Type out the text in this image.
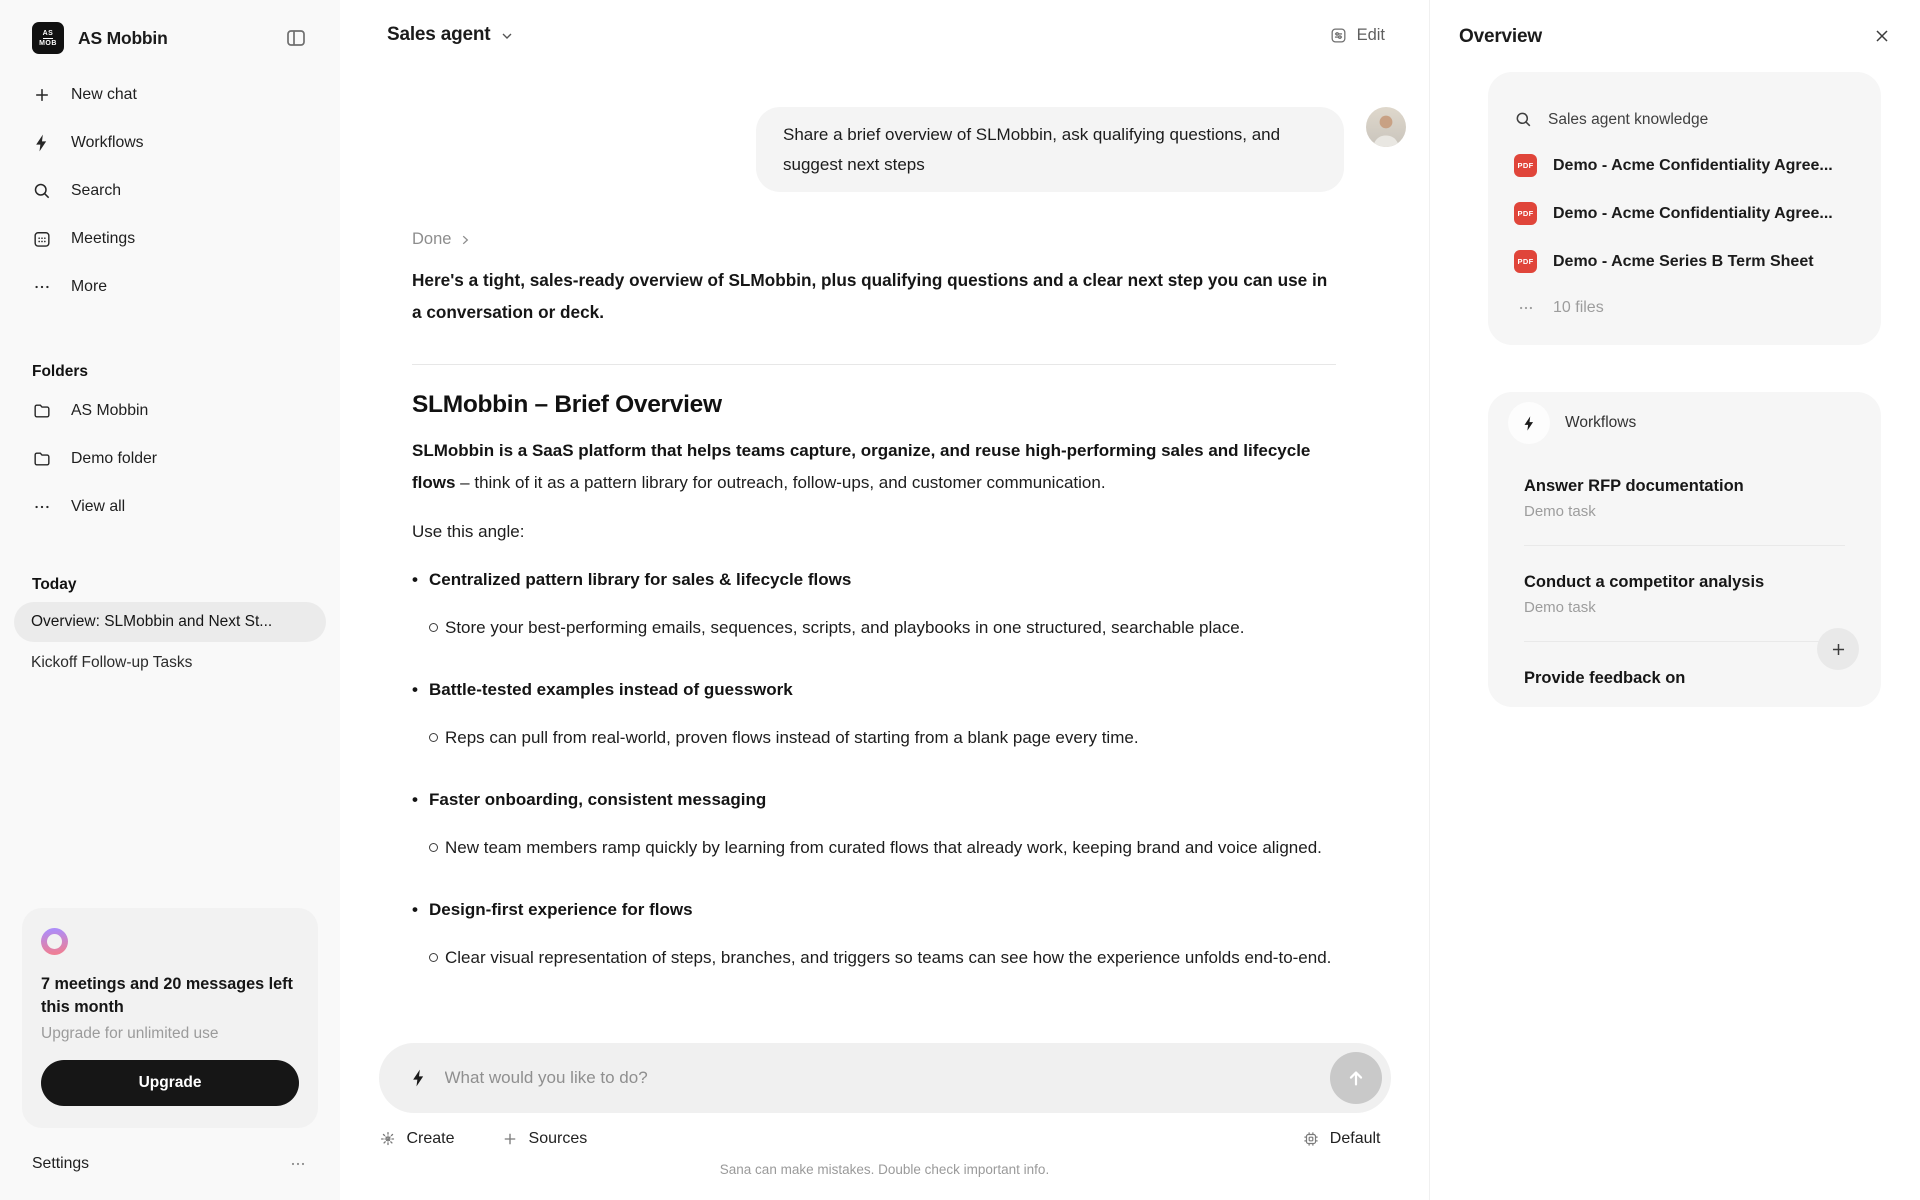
AS
MOB AS Mobbin
New chat
Workflows
Search
Meetings
More
Folders
AS Mobbin
Demo folder
View all
Today
Overview: SLMobbin and Next St...
Kickoff Follow-up Tasks
7 meetings and 20 messages left this month
Upgrade for unlimited use
Upgrade
Settings
Sales agent	Edit
Share a brief overview of SLMobbin, ask qualifying questions, and suggest next steps
Done
Here's a tight, sales-ready overview of SLMobbin, plus qualifying questions and a clear next step you can use in a conversation or deck.
SLMobbin – Brief Overview
SLMobbin is a SaaS platform that helps teams capture, organize, and reuse high-performing sales and lifecycle flows – think of it as a pattern library for outreach, follow-ups, and customer communication.
Use this angle:
• Centralized pattern library for sales & lifecycle flows
Store your best-performing emails, sequences, scripts, and playbooks in one structured, searchable place.
• Battle-tested examples instead of guesswork
Reps can pull from real-world, proven flows instead of starting from a blank page every time.
• Faster onboarding, consistent messaging
New team members ramp quickly by learning from curated flows that already work, keeping brand and voice aligned.
• Design-first experience for flows
Clear visual representation of steps, branches, and triggers so teams can see how the experience unfolds end-to-end.
What would you like to do?
Create	Sources	Default
Sana can make mistakes. Double check important info.
Overview
Sales agent knowledge
PDF Demo - Acme Confidentiality Agree...
PDF Demo - Acme Confidentiality Agree...
PDF Demo - Acme Series B Term Sheet
10 files
Workflows
Answer RFP documentation
Demo task
Conduct a competitor analysis
Demo task
Provide feedback on
